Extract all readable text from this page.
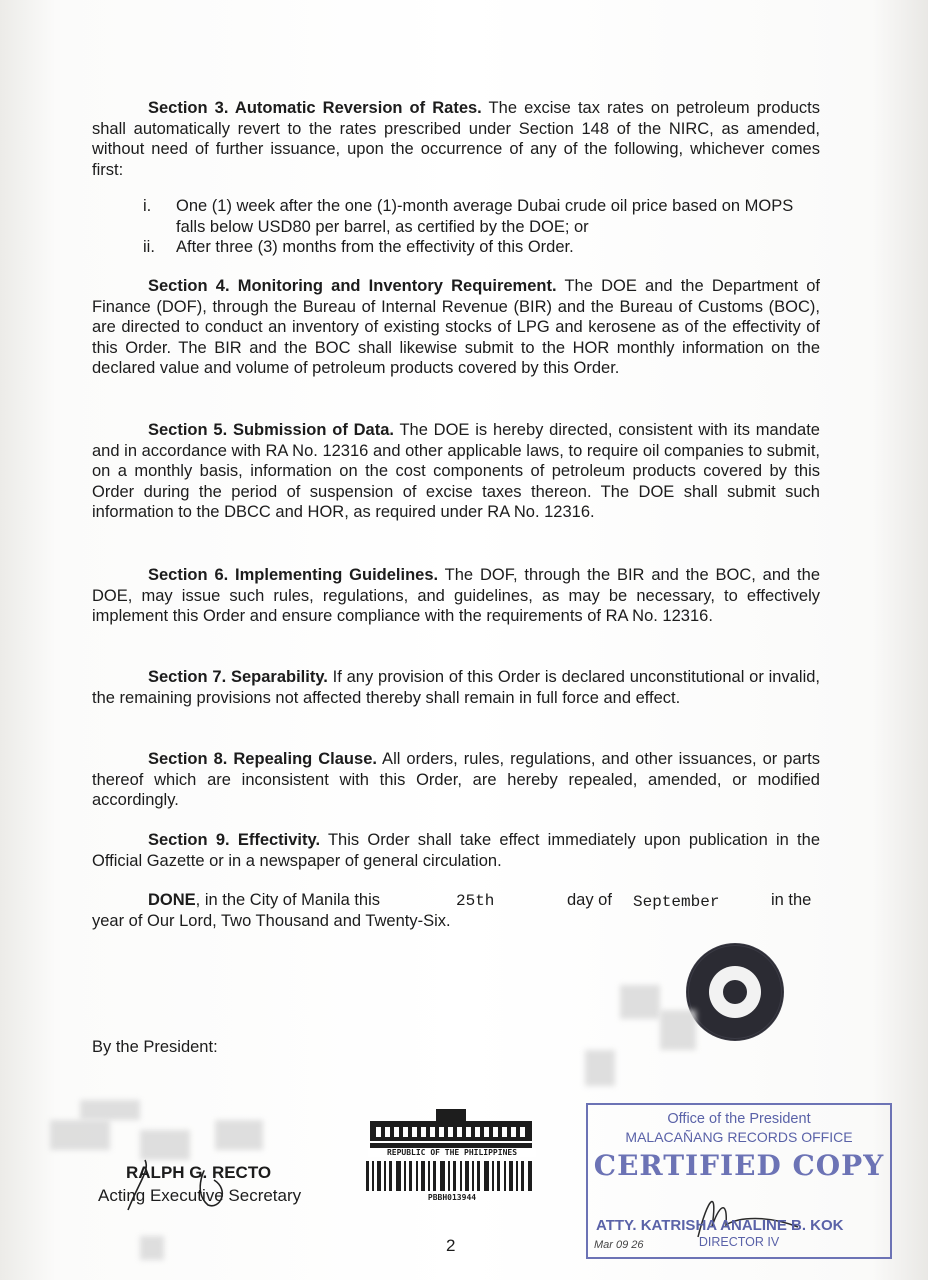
Section 3. Automatic Reversion of Rates. The excise tax rates on petroleum products shall automatically revert to the rates prescribed under Section 148 of the NIRC, as amended, without need of further issuance, upon the occurrence of any of the following, whichever comes first:

i. One (1) week after the one (1)-month average Dubai crude oil price based on MOPS falls below USD80 per barrel, as certified by the DOE; or
ii. After three (3) months from the effectivity of this Order.

Section 4. Monitoring and Inventory Requirement. The DOE and the Department of Finance (DOF), through the Bureau of Internal Revenue (BIR) and the Bureau of Customs (BOC), are directed to conduct an inventory of existing stocks of LPG and kerosene as of the effectivity of this Order. The BIR and the BOC shall likewise submit to the HOR monthly information on the declared value and volume of petroleum products covered by this Order.

Section 5. Submission of Data. The DOE is hereby directed, consistent with its mandate and in accordance with RA No. 12316 and other applicable laws, to require oil companies to submit, on a monthly basis, information on the cost components of petroleum products covered by this Order during the period of suspension of excise taxes thereon. The DOE shall submit such information to the DBCC and HOR, as required under RA No. 12316.

Section 6. Implementing Guidelines. The DOF, through the BIR and the BOC, and the DOE, may issue such rules, regulations, and guidelines, as may be necessary, to effectively implement this Order and ensure compliance with the requirements of RA No. 12316.

Section 7. Separability. If any provision of this Order is declared unconstitutional or invalid, the remaining provisions not affected thereby shall remain in full force and effect.

Section 8. Repealing Clause. All orders, rules, regulations, and other issuances, or parts thereof which are inconsistent with this Order, are hereby repealed, amended, or modified accordingly.

Section 9. Effectivity. This Order shall take effect immediately upon publication in the Official Gazette or in a newspaper of general circulation.

DONE, in the City of Manila this	25th	day of September	in the
year of Our Lord, Two Thousand and Twenty-Six.
By the President:
RALPH G. RECTO
Acting Executive Secretary
REPUBLIC OF THE PHILIPPINES
PBBH013944
2
Office of the President
MALACAÑANG RECORDS OFFICE
CERTIFIED COPY
ATTY. KATRISHA ANALINE B. KOK
DIRECTOR IV
Mar 09 26
